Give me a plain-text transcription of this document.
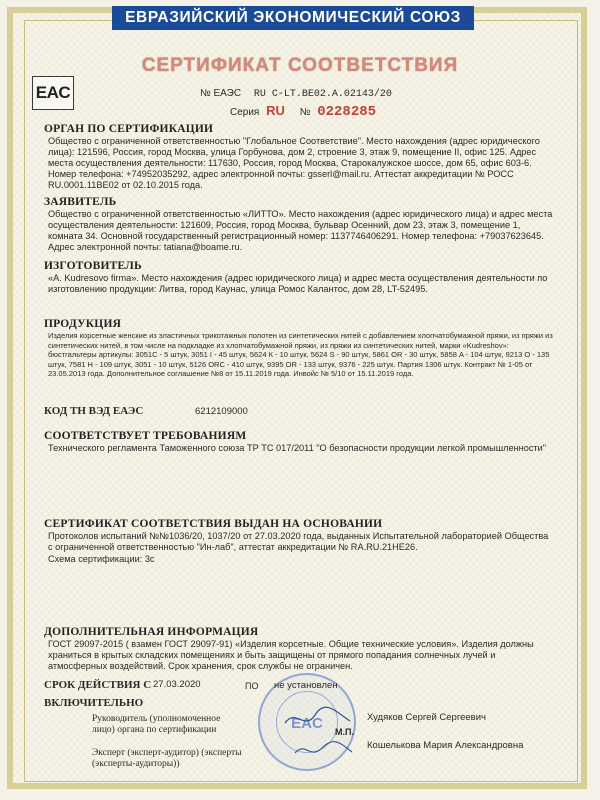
ЕВРАЗИЙСКИЙ ЭКОНОМИЧЕСКИЙ СОЮЗ
СЕРТИФИКАТ СООТВЕТСТВИЯ
EAC	№ ЕАЭС RU C-LT.ВЕ02.А.02143/20
Серия RU № 0228285
ОРГАН ПО СЕРТИФИКАЦИИ
Общество с ограниченной ответственностью "Глобальное Соответствие". Место нахождения (адрес юридического лица): 121596, Россия, город Москва, улица Горбунова, дом 2, строение 3, этаж 9, помещение II, офис 125. Адрес места осуществления деятельности: 117630, Россия, город Москва, Старокалужское шоссе, дом 65, офис 603-6. Номер телефона: +74952035292, адрес электронной почты: gsserl@mail.ru. Аттестат аккредитации № РОСС RU.0001.11ВЕ02 от 02.10.2015 года.
ЗАЯВИТЕЛЬ
Общество с ограниченной ответственностью «ЛИТТО». Место нахождения (адрес юридического лица) и адрес места осуществления деятельности: 121609, Россия, город Москва, бульвар Осенний, дом 23, этаж 3, помещение 1, комната 34. Основной государственный регистрационный номер: 1137746406291. Номер телефона: +79037623645. Адрес электронной почты: tatiana@boame.ru.
ИЗГОТОВИТЕЛЬ
«A. Kudresovo firma». Место нахождения (адрес юридического лица) и адрес места осуществления деятельности по изготовлению продукции: Литва, город Каунас, улица Ромос Калантос, дом 28, LT-52495.
ПРОДУКЦИЯ
Изделия корсетные женские из эластичных трикотажных полотен из синтетических нитей с добавлением хлопчатобумажной пряжи, из пряжи из синтетических нитей, в том числе на подкладке из хлопчатобумажной пряжи, из пряжи из синтетических нитей, марки «Kudreshov»: бюстгальтеры артикулы: 3051С - 5 штук, 3051 I - 45 штук, 5624 К - 10 штук, 5624 S - 90 штук, 5861 OR - 30 штук, 5858 A - 104 штук, 9213 O - 135 штук, 7581 H - 109 штук, 3051 - 10 штук, 5126 ORC - 410 штук, 9395 OR - 133 штук, 9376 - 225 штук. Партия 1306 штук. Контракт № 1-05 от 23.05.2013 года. Дополнительное соглашение №8 от 15.11.2019 года. Инвойс № 5/10 от 15.11.2019 года.
КОД ТН ВЭД ЕАЭС	6212109000
СООТВЕТСТВУЕТ ТРЕБОВАНИЯМ
Технического регламента Таможенного союза ТР ТС 017/2011 "О безопасности продукции легкой промышленности"
СЕРТИФИКАТ СООТВЕТСТВИЯ ВЫДАН НА ОСНОВАНИИ
Протоколов испытаний №№1036/20, 1037/20 от 27.03.2020 года, выданных Испытательной лабораторией Общества с ограниченной ответственностью "Ин-лаб", аттестат аккредитации № RA.RU.21НЕ26.
Схема сертификации: 3с
ДОПОЛНИТЕЛЬНАЯ ИНФОРМАЦИЯ
ГОСТ 29097-2015 ( взамен ГОСТ 29097-91) «Изделия корсетные. Общие технические условия». Изделия должны храниться в крытых складских помещениях и быть защищены от прямого попадания солнечных лучей и атмосферных воздействий. Срок хранения, срок службы не ограничен.
EAC
СРОК ДЕЙСТВИЯ С 27.03.2020	ПО не установлен
ВКЛЮЧИТЕЛЬНО
Руководитель (уполномоченное лицо) органа по сертификации
Худяков Сергей Сергеевич
М.П.
Эксперт (эксперт-аудитор) (эксперты (эксперты-аудиторы))
Кошелькова Мария Александровна
